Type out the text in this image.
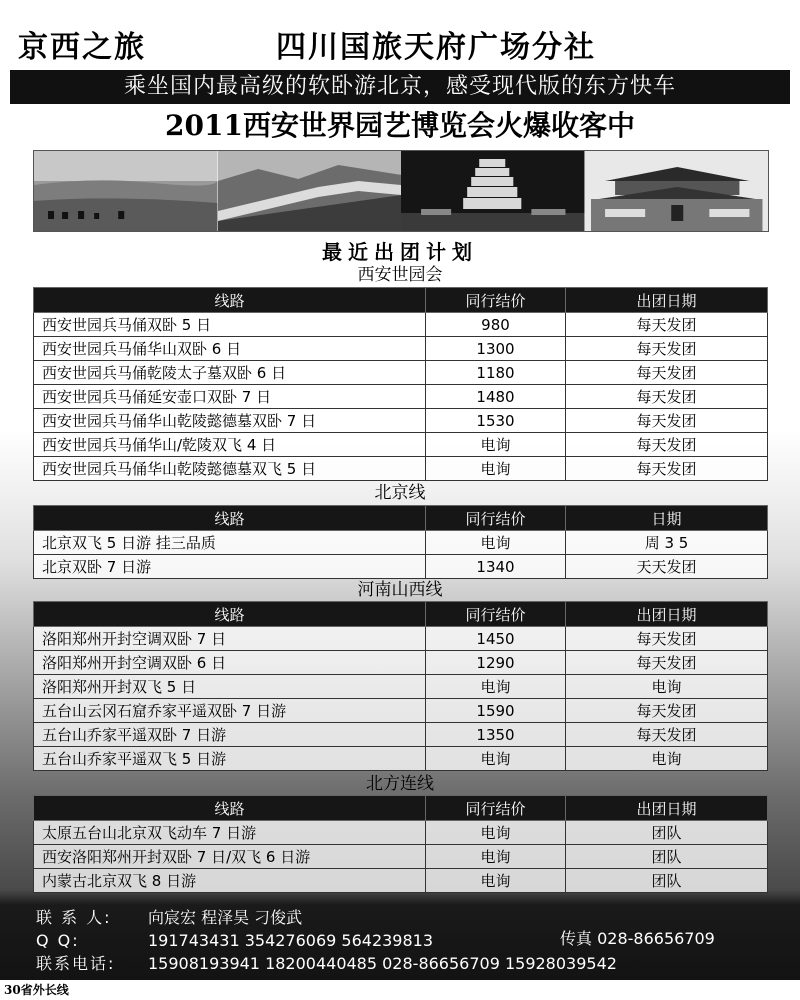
京西之旅	四川国旅天府广场分社
乘坐国内最高级的软卧游北京，感受现代版的东方快车
2011西安世界园艺博览会火爆收客中
最近出团计划
西安世园会
线路	同行结价	出团日期
西安世园兵马俑双卧 5 日	980	每天发团
西安世园兵马俑华山双卧 6 日	1300	每天发团
西安世园兵马俑乾陵太子墓双卧 6 日	1180	每天发团
西安世园兵马俑延安壶口双卧 7 日	1480	每天发团
西安世园兵马俑华山乾陵懿德墓双卧 7 日	1530	每天发团
西安世园兵马俑华山/乾陵双飞 4 日	电询	每天发团
西安世园兵马俑华山乾陵懿德墓双飞 5 日	电询	每天发团
北京线
线路	同行结价	日期
北京双飞 5 日游 挂三品质	电询	周 3 5
北京双卧 7 日游	1340	天天发团
河南山西线
线路	同行结价	出团日期
洛阳郑州开封空调双卧 7 日	1450	每天发团
洛阳郑州开封空调双卧 6 日	1290	每天发团
洛阳郑州开封双飞 5 日	电询	电询
五台山云冈石窟乔家平遥双卧 7 日游	1590	每天发团
五台山乔家平遥双卧 7 日游	1350	每天发团
五台山乔家平遥双飞 5 日游	电询	电询
北方连线
线路	同行结价	出团日期
太原五台山北京双飞动车 7 日游	电询	团队
西安洛阳郑州开封双卧 7 日/双飞 6 日游	电询	团队
内蒙古北京双飞 8 日游	电询	团队
联 系 人: 向宸宏 程泽昊 刁俊武
Q Q:	191743431 354276069 564239813	传真 028-86656709
联系电话: 15908193941 18200440485 028-86656709 15928039542
30省外长线
